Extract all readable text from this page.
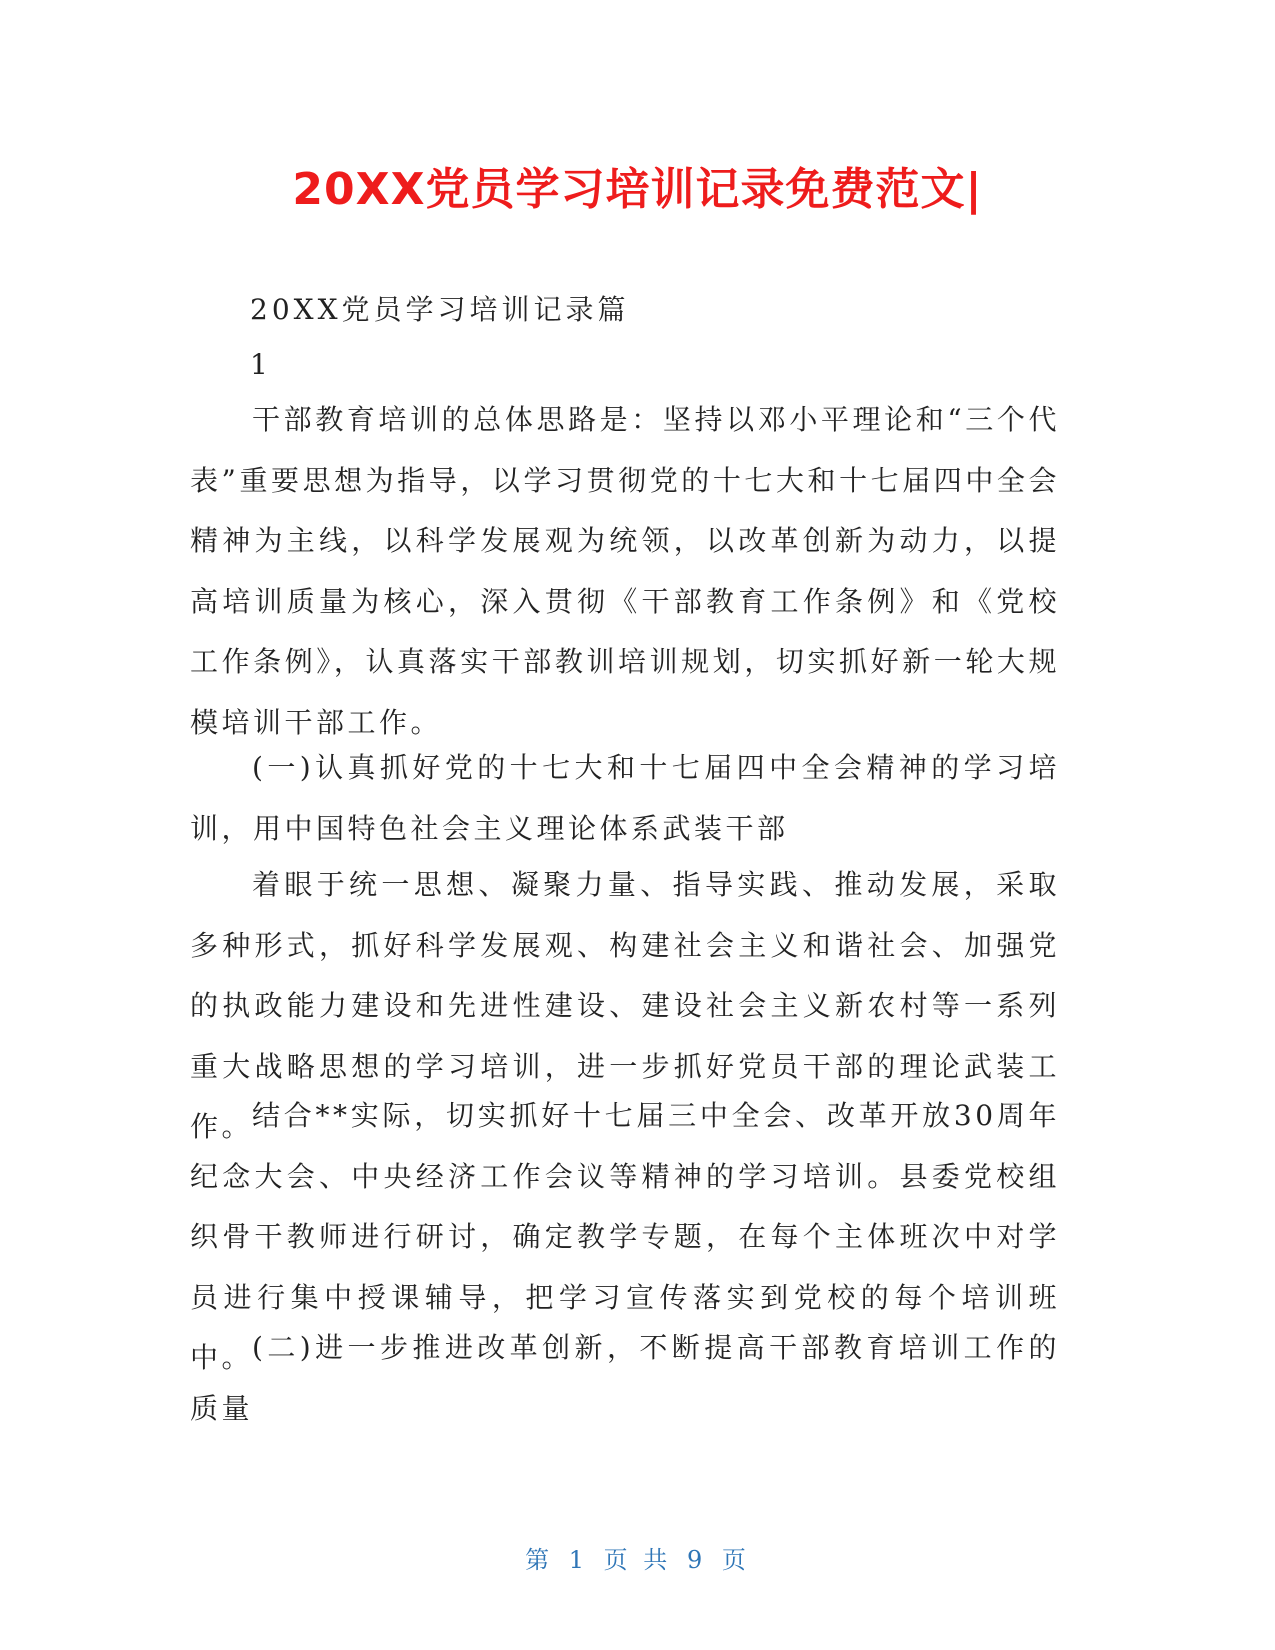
20XX党员学习培训记录免费范文|
20XX党员学习培训记录篇
1

干部教育培训的总体思路是：坚持以邓小平理论和“三个代表”重要思想为指导，以学习贯彻党的十七大和十七届四中全会精神为主线，以科学发展观为统领，以改革创新为动力，以提高培训质量为核心，深入贯彻《干部教育工作条例》和《党校工作条例》，认真落实干部教训培训规划，切实抓好新一轮大规模培训干部工作。

(一)认真抓好党的十七大和十七届四中全会精神的学习培训，用中国特色社会主义理论体系武装干部

着眼于统一思想、凝聚力量、指导实践、推动发展，采取多种形式，抓好科学发展观、构建社会主义和谐社会、加强党的执政能力建设和先进性建设、建设社会主义新农村等一系列重大战略思想的学习培训，进一步抓好党员干部的理论武装工作。

结合**实际，切实抓好十七届三中全会、改革开放30周年纪念大会、中央经济工作会议等精神的学习培训。县委党校组织骨干教师进行研讨，确定教学专题，在每个主体班次中对学员进行集中授课辅导，把学习宣传落实到党校的每个培训班中。

(二)进一步推进改革创新，不断提高干部教育培训工作的质量

第 1 页 共 9 页
